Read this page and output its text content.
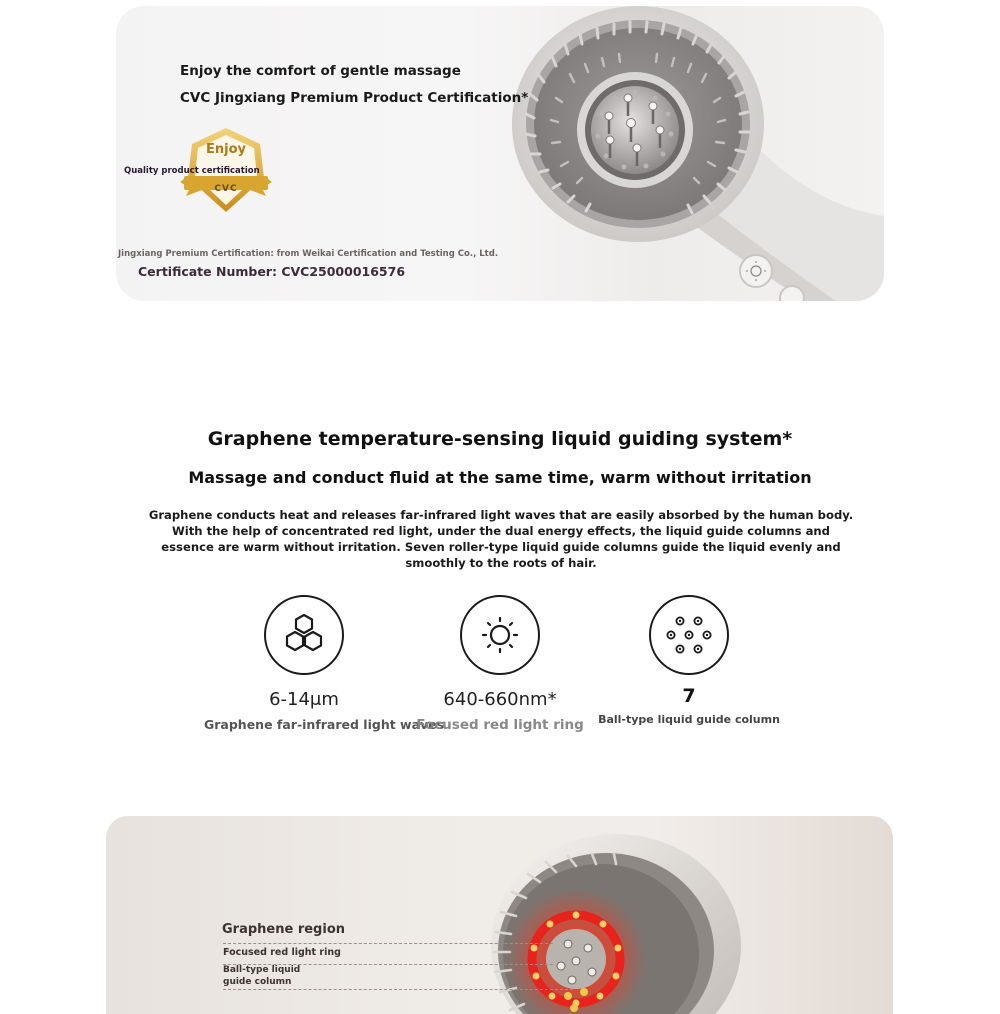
Enjoy the comfort of gentle massage
CVC Jingxiang Premium Product Certification*
Enjoy
CVC
Quality product certification
Jingxiang Premium Certification: from Weikai Certification and Testing Co., Ltd.
Certificate Number: CVC25000016576
Graphene temperature-sensing liquid guiding system*
Massage and conduct fluid at the same time, warm without irritation
Graphene conducts heat and releases far-infrared light waves that are easily absorbed by the human body. With the help of concentrated red light, under the dual energy effects, the liquid guide columns and essence are warm without irritation. Seven roller-type liquid guide columns guide the liquid evenly and smoothly to the roots of hair.
6-14μm
Graphene far-infrared light waves
640-660nm*
Focused red light ring
7
Ball-type liquid guide column
Graphene region
Focused red light ring
Ball-type liquid
guide column
